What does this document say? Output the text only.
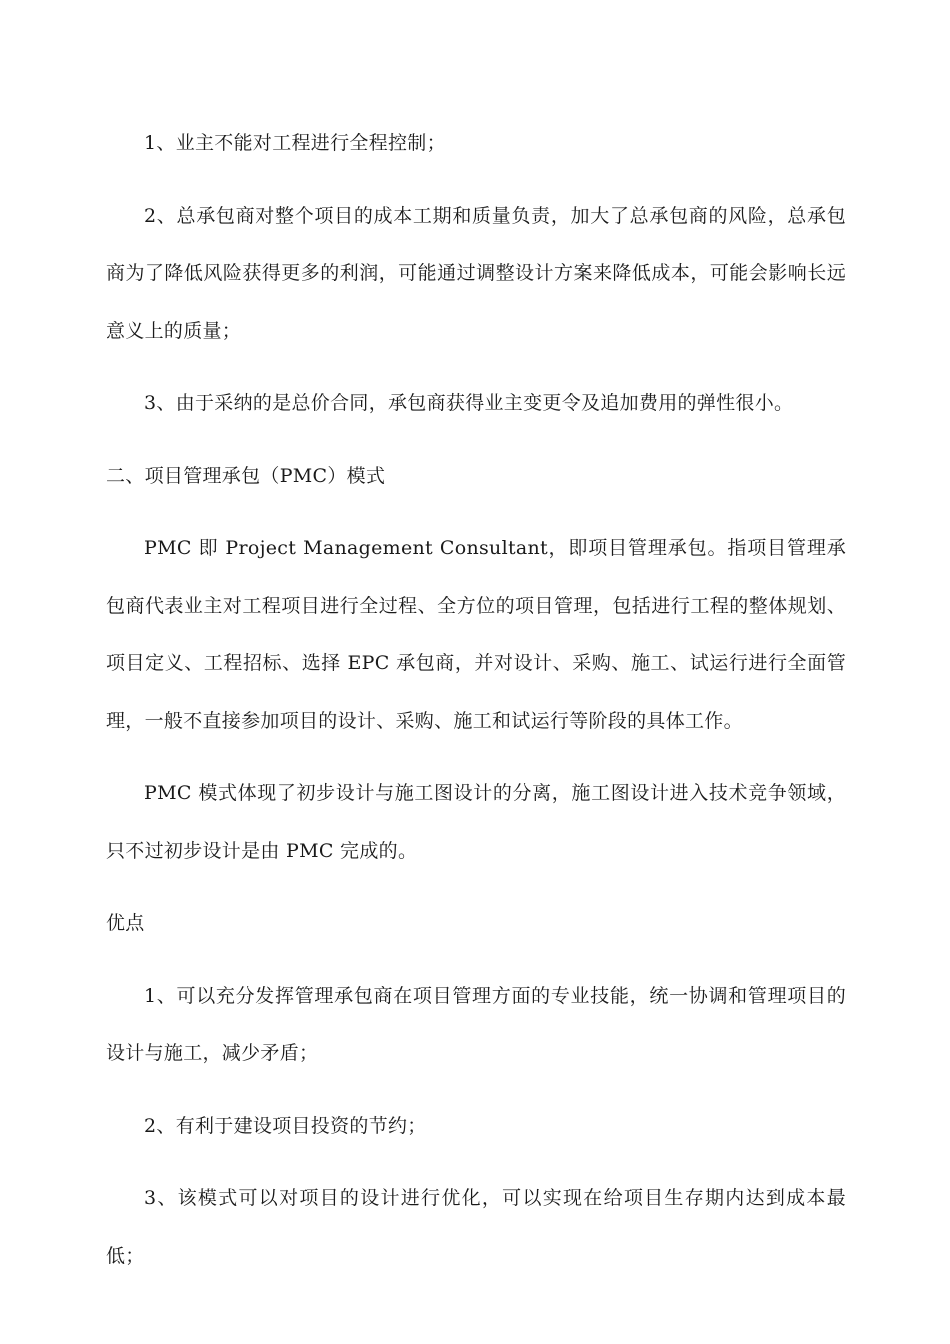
1、业主不能对工程进行全程控制；

2、总承包商对整个项目的成本工期和质量负责，加大了总承包商的风险，总承包商为了降低风险获得更多的利润，可能通过调整设计方案来降低成本，可能会影响长远意义上的质量；

3、由于采纳的是总价合同，承包商获得业主变更令及追加费用的弹性很小。

二、项目管理承包（PMC）模式

PMC 即 Project Management Consultant，即项目管理承包。指项目管理承包商代表业主对工程项目进行全过程、全方位的项目管理，包括进行工程的整体规划、项目定义、工程招标、选择 EPC 承包商，并对设计、采购、施工、试运行进行全面管理，一般不直接参加项目的设计、采购、施工和试运行等阶段的具体工作。

PMC 模式体现了初步设计与施工图设计的分离，施工图设计进入技术竞争领域，只不过初步设计是由 PMC 完成的。

优点

1、可以充分发挥管理承包商在项目管理方面的专业技能，统一协调和管理项目的设计与施工，减少矛盾；

2、有利于建设项目投资的节约；

3、该模式可以对项目的设计进行优化，可以实现在给项目生存期内达到成本最低；
